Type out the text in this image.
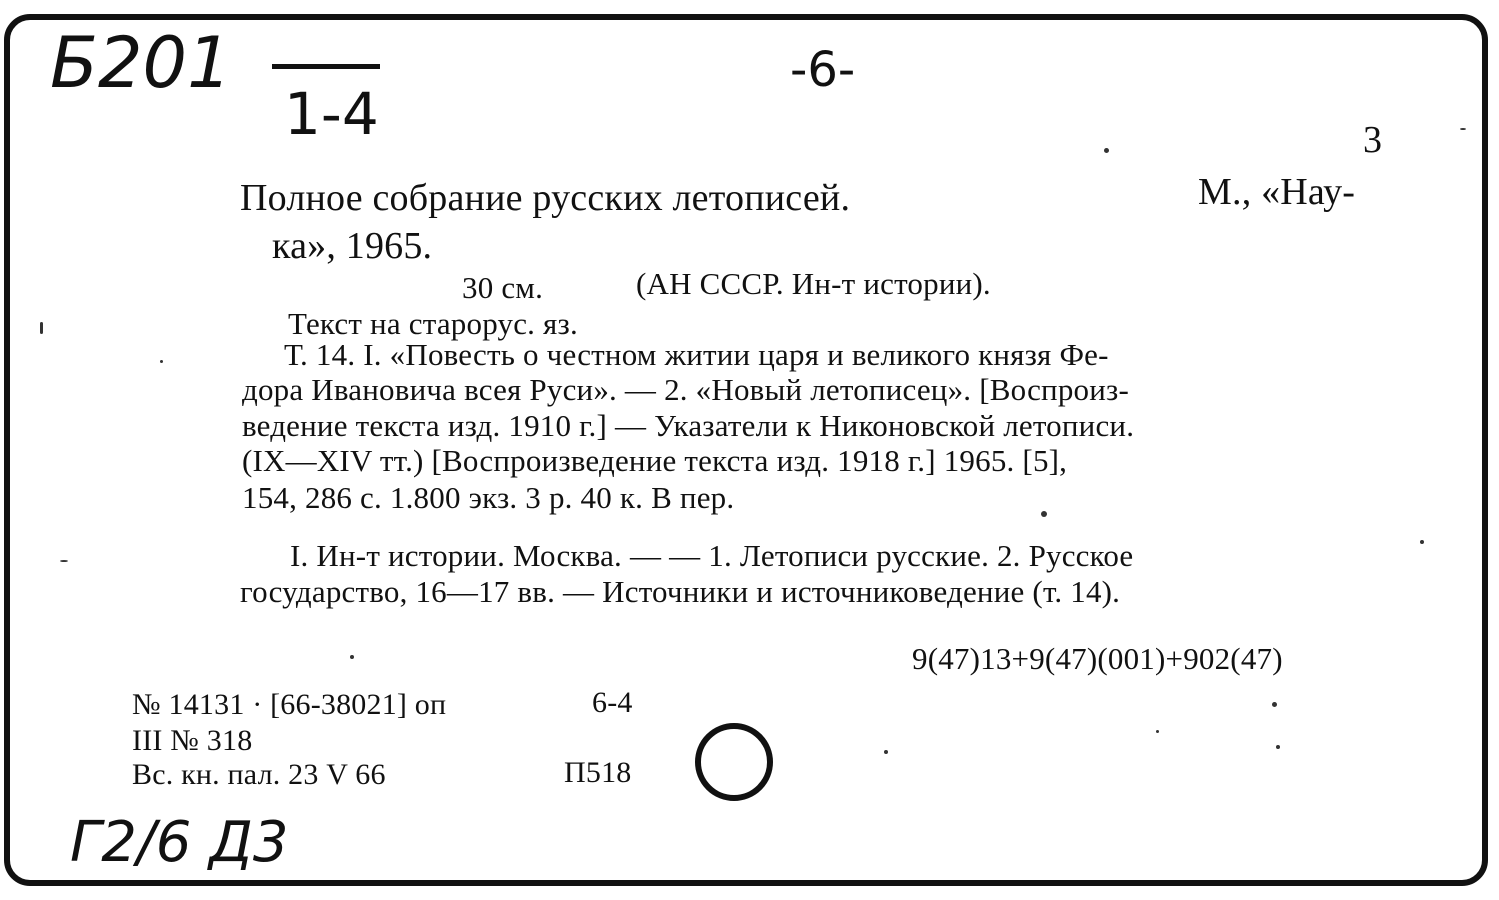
Б201
1-4
-6-
Г2/6 Д3
3
Полное собрание русских летописей.	М., «Нау-
ка», 1965.
30 см.	(АН СССР. Ин-т истории).
Текст на старорус. яз.
Т. 14. I. «Повесть о честном житии царя и великого князя Фе-
дора Ивановича всея Руси». — 2. «Новый летописец». [Воспроиз-
ведение текста изд. 1910 г.] — Указатели к Никоновской летописи.
(IX—XIV тт.) [Воспроизведение текста изд. 1918 г.] 1965. [5],
154, 286 с. 1.800 экз. 3 р. 40 к. В пер.
I. Ин-т истории. Москва. — — 1. Летописи русские. 2. Русское
государство, 16—17 вв. — Источники и источниковедение (т. 14).
9(47)13+9(47)(001)+902(47)
№ 14131 · [66-38021] оп
III № 318
Вс. кн. пал. 23 V 66
6-4
П518
